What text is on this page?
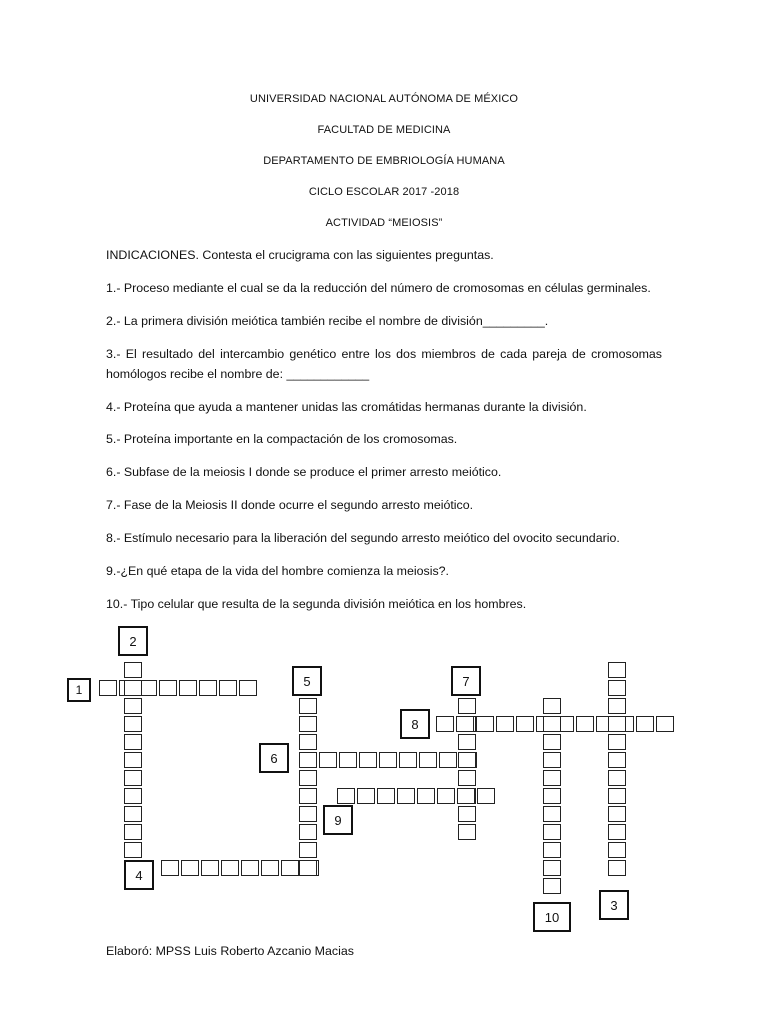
UNIVERSIDAD NACIONAL AUTÓNOMA DE MÉXICO
FACULTAD DE MEDICINA
DEPARTAMENTO DE EMBRIOLOGÍA HUMANA
CICLO ESCOLAR 2017 -2018
ACTIVIDAD “MEIOSIS”
INDICACIONES. Contesta el crucigrama con las siguientes preguntas.
1.- Proceso mediante el cual se da la reducción del número de cromosomas en células germinales.
2.- La primera división meiótica también recibe el nombre de división_________.
3.- El resultado del intercambio genético entre los dos miembros de cada pareja de cromosomas homólogos recibe el nombre de: ____________
4.- Proteína que ayuda a mantener unidas las cromátidas hermanas durante la división.
5.- Proteína importante en la compactación de los cromosomas.
6.- Subfase de la meiosis I donde se produce el primer arresto meiótico.
7.- Fase de la Meiosis II donde ocurre el segundo arresto meiótico.
8.- Estímulo necesario para la liberación del segundo arresto meiótico del ovocito secundario.
9.-¿En qué etapa de la vida del hombre comienza la meiosis?.
10.- Tipo celular que resulta de la segunda división meiótica en los hombres.
2
1
5	7
8
6
9
4
10
3
Elaboró: MPSS Luis Roberto Azcanio Macias
